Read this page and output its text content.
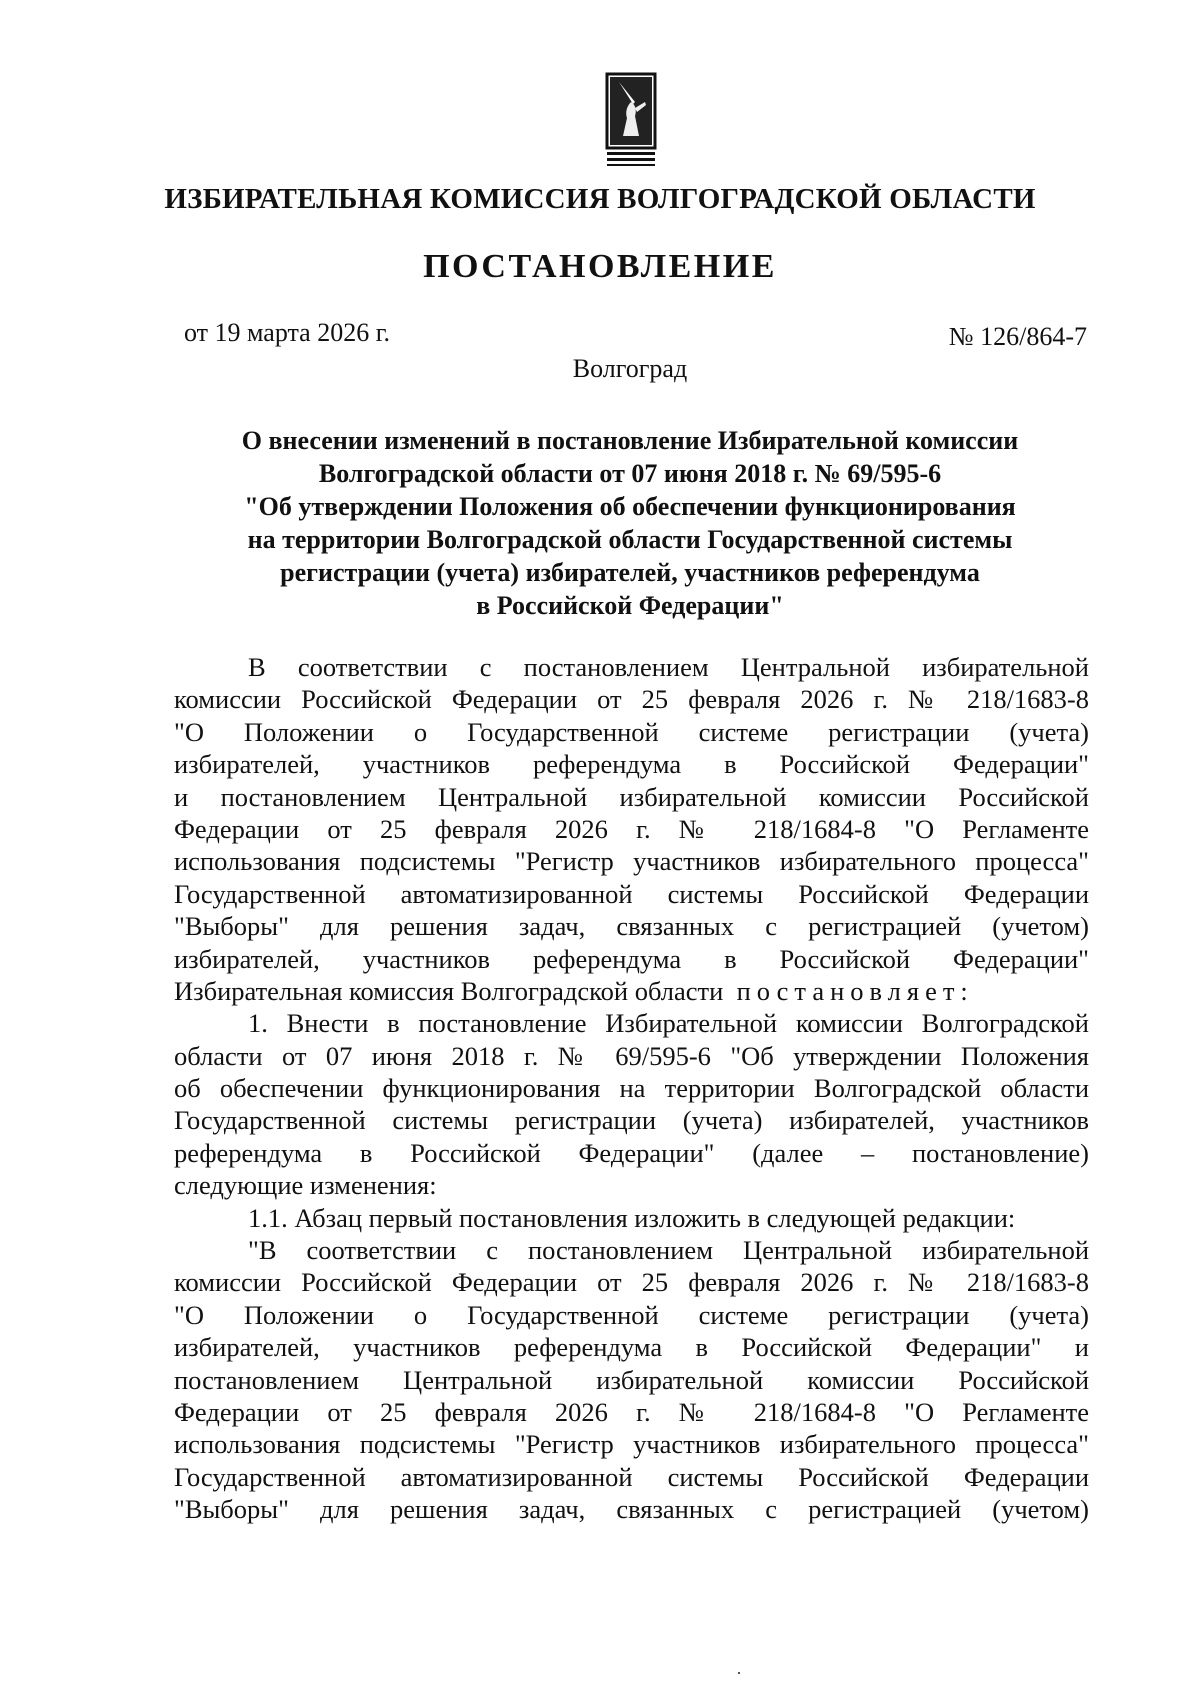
ИЗБИРАТЕЛЬНАЯ КОМИССИЯ ВОЛГОГРАДСКОЙ ОБЛАСТИ
ПОСТАНОВЛЕНИЕ
от 19 марта 2026 г.	№ 126/864-7
Волгоград
О внесении изменений в постановление Избирательной комиссии
Волгоградской области от 07 июня 2018 г. № 69/595-6
"Об утверждении Положения об обеспечении функционирования
на территории Волгоградской области Государственной системы
регистрации (учета) избирателей, участников референдума
в Российской Федерации"
В соответствии с постановлением Центральной избирательной
комиссии Российской Федерации от 25 февраля 2026 г. № 218/1683-8
"О Положении о Государственной системе регистрации (учета)
избирателей, участников референдума в Российской Федерации"
и постановлением Центральной избирательной комиссии Российской
Федерации от 25 февраля 2026 г. № 218/1684-8 "О Регламенте
использования подсистемы "Регистр участников избирательного процесса"
Государственной автоматизированной системы Российской Федерации
"Выборы" для решения задач, связанных с регистрацией (учетом)
избирателей, участников референдума в Российской Федерации"
Избирательная комиссия Волгоградской области постановляет:
1. Внести в постановление Избирательной комиссии Волгоградской
области от 07 июня 2018 г. № 69/595-6 "Об утверждении Положения
об обеспечении функционирования на территории Волгоградской области
Государственной системы регистрации (учета) избирателей, участников
референдума в Российской Федерации" (далее – постановление)
следующие изменения:
1.1. Абзац первый постановления изложить в следующей редакции:
"В соответствии с постановлением Центральной избирательной
комиссии Российской Федерации от 25 февраля 2026 г. № 218/1683-8
"О Положении о Государственной системе регистрации (учета)
избирателей, участников референдума в Российской Федерации" и
постановлением Центральной избирательной комиссии Российской
Федерации от 25 февраля 2026 г. № 218/1684-8 "О Регламенте
использования подсистемы "Регистр участников избирательного процесса"
Государственной автоматизированной системы Российской Федерации
"Выборы" для решения задач, связанных с регистрацией (учетом)
